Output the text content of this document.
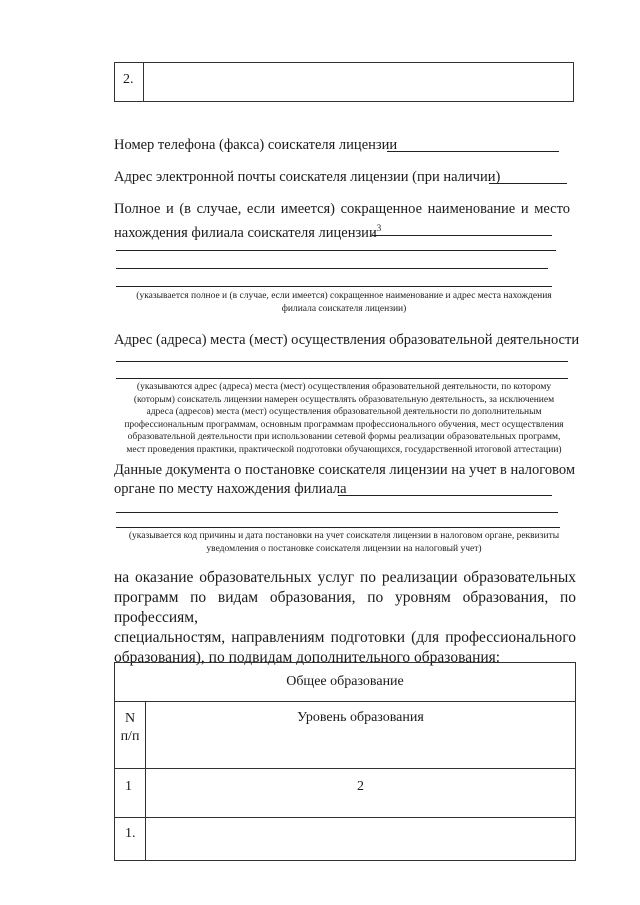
2.

Номер телефона (факса) соискателя лицензии
Адрес электронной почты соискателя лицензии (при наличии)
Полное и (в случае, если имеется) сокращенное наименование и место
нахождения филиала соискателя лицензии$^3$
(указывается полное и (в случае, если имеется) сокращенное наименование и адрес места нахождения
филиала соискателя лицензии)
Адрес (адреса) места (мест) осуществления образовательной деятельности
(указываются адрес (адреса) места (мест) осуществления образовательной деятельности, по которому
(которым) соискатель лицензии намерен осуществлять образовательную деятельность, за исключением
адреса (адресов) места (мест) осуществления образовательной деятельности по дополнительным
профессиональным программам, основным программам профессионального обучения, мест осуществления
образовательной деятельности при использовании сетевой формы реализации образовательных программ,
мест проведения практики, практической подготовки обучающихся, государственной итоговой аттестации)
Данные документа о постановке соискателя лицензии на учет в налоговом
органе по месту нахождения филиала
(указывается код причины и дата постановки на учет соискателя лицензии в налоговом органе, реквизиты
уведомления о постановке соискателя лицензии на налоговый учет)
на оказание образовательных услуг по реализации образовательных
программ по видам образования, по уровням образования, по профессиям,
специальностям, направлениям подготовки (для профессионального
образования), по подвидам дополнительного образования:
Общее образование	

N
п/п	Уровень образования
1	2
1.	
